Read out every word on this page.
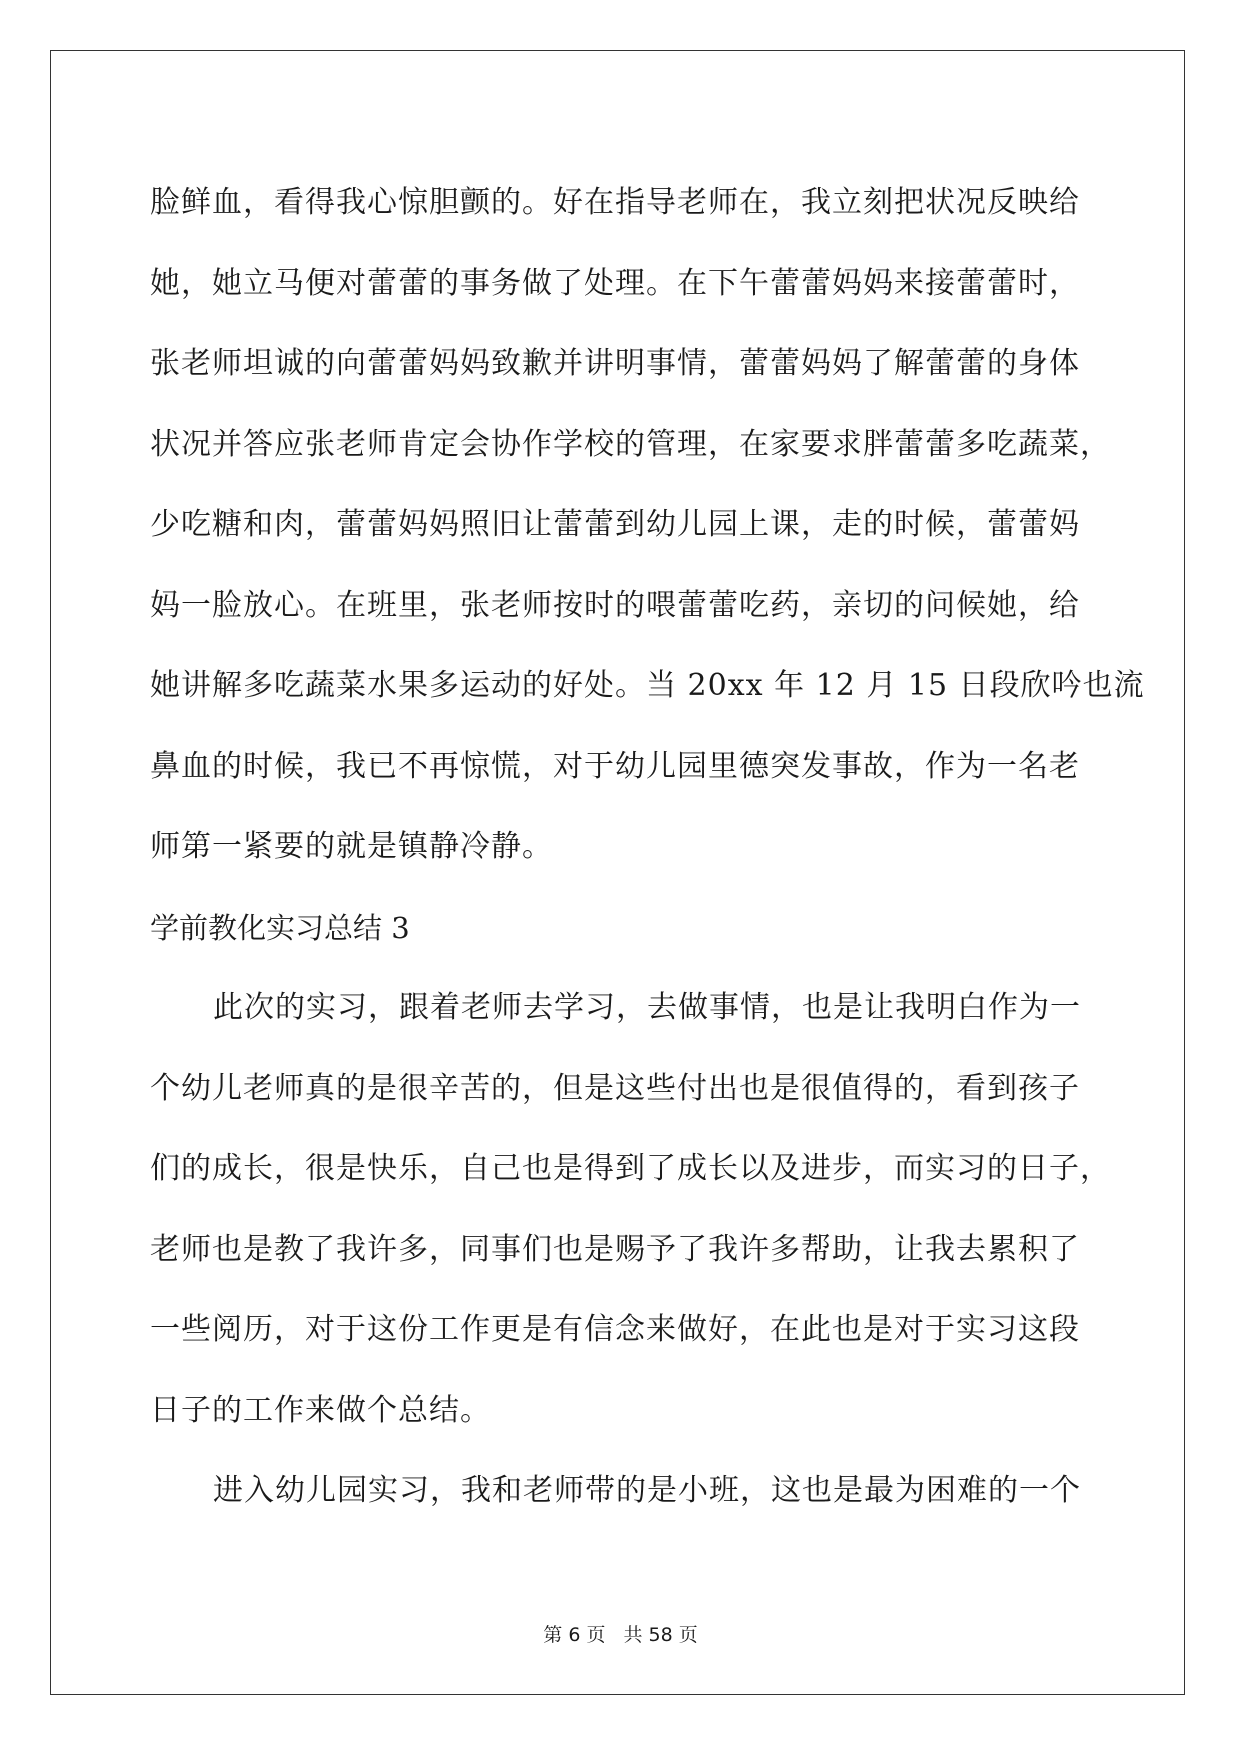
脸鲜血，看得我心惊胆颤的。好在指导老师在，我立刻把状况反映给
她，她立马便对蕾蕾的事务做了处理。在下午蕾蕾妈妈来接蕾蕾时，
张老师坦诚的向蕾蕾妈妈致歉并讲明事情，蕾蕾妈妈了解蕾蕾的身体
状况并答应张老师肯定会协作学校的管理，在家要求胖蕾蕾多吃蔬菜，
少吃糖和肉，蕾蕾妈妈照旧让蕾蕾到幼儿园上课，走的时候，蕾蕾妈
妈一脸放心。在班里，张老师按时的喂蕾蕾吃药，亲切的问候她，给
她讲解多吃蔬菜水果多运动的好处。当 20xx 年 12 月 15 日段欣吟也流
鼻血的时候，我已不再惊慌，对于幼儿园里德突发事故，作为一名老
师第一紧要的就是镇静冷静。
学前教化实习总结 3
此次的实习，跟着老师去学习，去做事情，也是让我明白作为一
个幼儿老师真的是很辛苦的，但是这些付出也是很值得的，看到孩子
们的成长，很是快乐，自己也是得到了成长以及进步，而实习的日子，
老师也是教了我许多，同事们也是赐予了我许多帮助，让我去累积了
一些阅历，对于这份工作更是有信念来做好，在此也是对于实习这段
日子的工作来做个总结。
进入幼儿园实习，我和老师带的是小班，这也是最为困难的一个
第 6 页 共 58 页
